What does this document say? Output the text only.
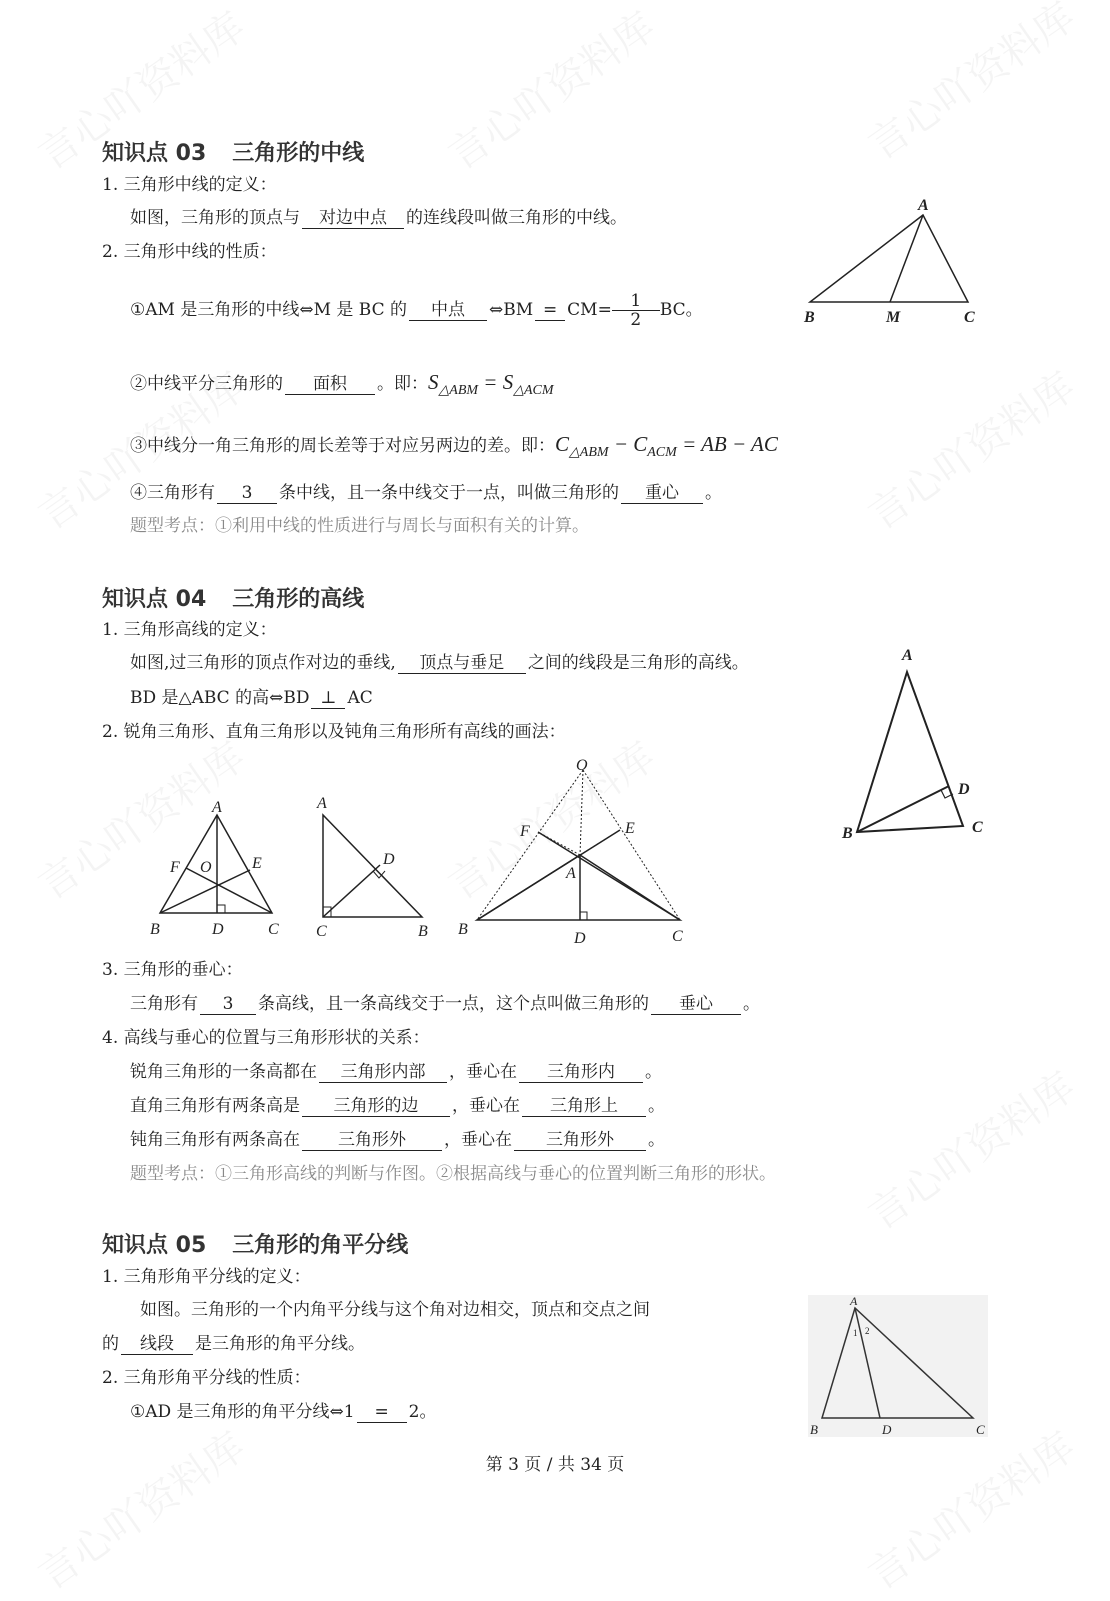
知识点 03 三角形的中线
1. 三角形中线的定义：
如图，三角形的顶点与 对边中点 的连线段叫做三角形的中线。
2. 三角形中线的性质：
①AM 是三角形的中线⇔M 是 BC 的 中点 ⇔BM = $CM= \frac{1}{2}$ BC。
②中线平分三角形的 面积 。即：$S_{\triangle ABM} = S_{\triangle ACM}$
③中线分一角三角形的周长差等于对应另两边的差。即：$C_{\triangle ABM} - C_{ACM}$ = AB − AC
④三角形有 3 条中线，且一条中线交于一点，叫做三角形的 重心 。
题型考点：①利用中线的性质进行与周长与面积有关的计算。
知识点 04 三角形的高线
1. 三角形高线的定义：
如图,过三角形的顶点作对边的垂线, 顶点与垂足 之间的线段是三角形的高线。
BD 是△ABC 的高⇔BD ⊥ AC
2. 锐角三角形、直角三角形以及钝角三角形所有高线的画法：
3. 三角形的垂心：
三角形有 3 条高线，且一条高线交于一点，这个点叫做三角形的 垂心 。
4. 高线与垂心的位置与三角形形状的关系：
锐角三角形的一条高都在 三角形内部 ，垂心在 三角形内 。
直角三角形有两条高是 三角形的边 ，垂心在 三角形上 。
钝角三角形有两条高在 三角形外 ，垂心在 三角形外 。
题型考点：①三角形高线的判断与作图。②根据高线与垂心的位置判断三角形的形状。
知识点 05 三角形的角平分线
1. 三角形角平分线的定义：
如图。三角形的一个内角平分线与这个角对边相交，顶点和交点之间
的 线段 是三角形的角平分线。
2. 三角形角平分线的性质：
①AD 是三角形的角平分线⇔1 = 2。
A
B	M	C
A
B	C
D
A
B	C
D
E
F O
A
B
C
D
O
A
B	C
D
E
F
A
B	C
D
1 2
第 3 页 / 共 34 页
